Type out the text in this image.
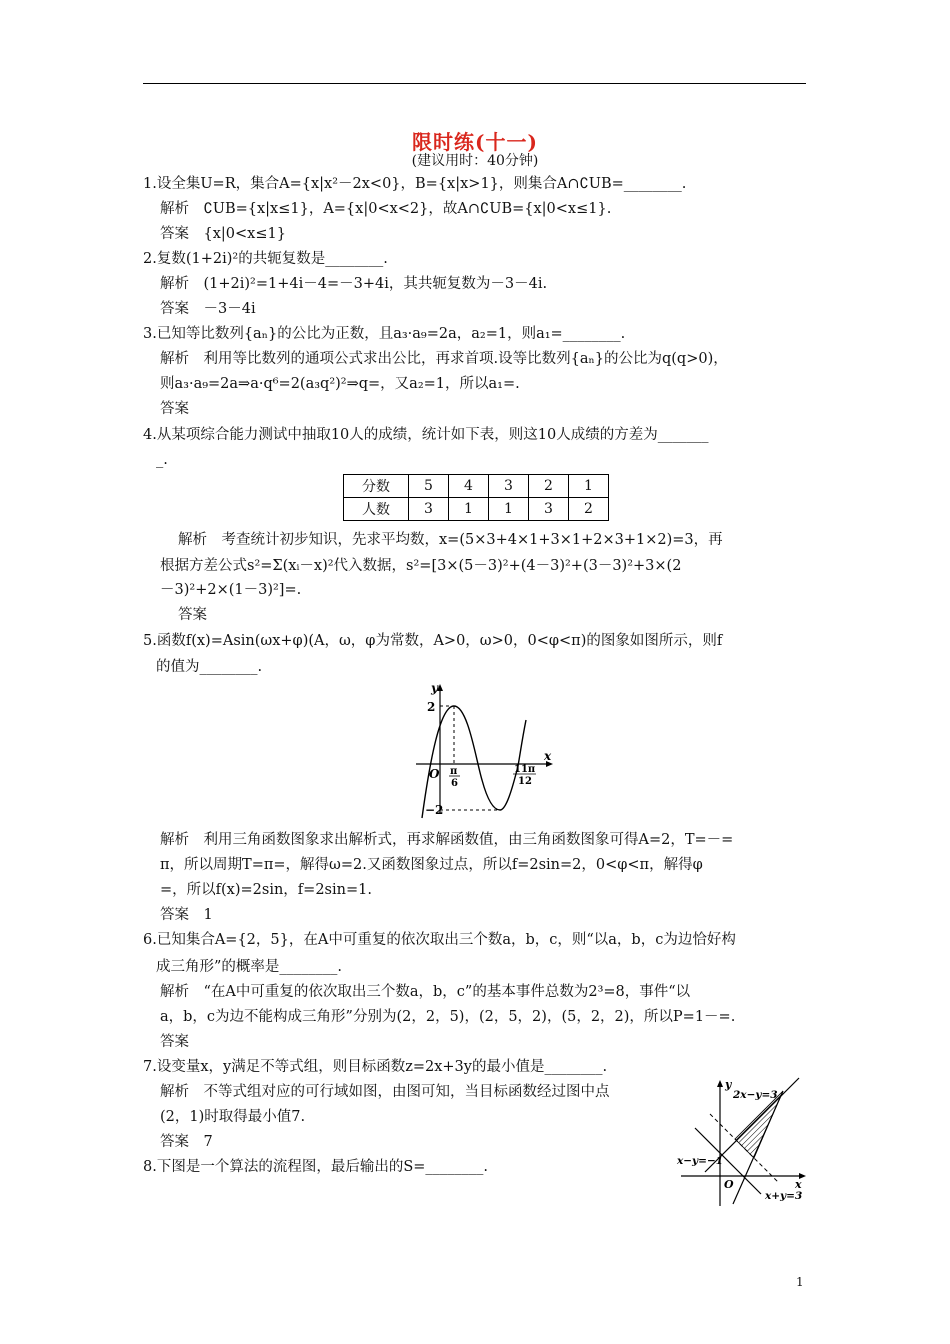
限时练(十一)
(建议用时：40分钟)
1.设全集U=R，集合A={x|x²－2x<0}，B={x|x>1}，则集合A∩∁UB=________.
解析　∁UB={x|x≤1}，A={x|0<x<2}，故A∩∁UB={x|0<x≤1}.
答案　{x|0<x≤1}
2.复数(1+2i)²的共轭复数是________.
解析　(1+2i)²=1+4i－4=－3+4i，其共轭复数为－3－4i.
答案　－3－4i
3.已知等比数列{aₙ}的公比为正数，且a₃·a₉=2a，a₂=1，则a₁=________.
解析　利用等比数列的通项公式求出公比，再求首项.设等比数列{aₙ}的公比为q(q>0)，
则a₃·a₉=2a⇒a·q⁶=2(a₃q²)²⇒q=，又a₂=1，所以a₁=.
答案
4.从某项综合能力测试中抽取10人的成绩，统计如下表，则这10人成绩的方差为_______
_.
分数	5	4	3	2	1
人数	3	1	1	3	2
解析　考查统计初步知识，先求平均数，x=(5×3+4×1+3×1+2×3+1×2)=3，再
根据方差公式s²=Σ(xᵢ－x)²代入数据，s²=[3×(5－3)²+(4－3)²+(3－3)²+3×(2
－3)²+2×(1－3)²]=.
答案
5.函数f(x)=Asin(ωx+φ)(A，ω，φ为常数，A>0，ω>0，0<φ<π)的图象如图所示，则f
的值为________.
y
x
O
2
−2
π
6
11π
12
解析　利用三角函数图象求出解析式，再求解函数值，由三角函数图象可得A=2，T=－=
π，所以周期T=π=，解得ω=2.又函数图象过点，所以f=2sin=2，0<φ<π，解得φ
=，所以f(x)=2sin，f=2sin=1.
答案　1
6.已知集合A={2，5}，在A中可重复的依次取出三个数a，b，c，则“以a，b，c为边恰好构
成三角形”的概率是________.
解析　“在A中可重复的依次取出三个数a，b，c”的基本事件总数为2³=8，事件“以
a，b，c为边不能构成三角形”分别为(2，2，5)，(2，5，2)，(5，2，2)，所以P=1－=.
答案
7.设变量x，y满足不等式组，则目标函数z=2x+3y的最小值是________.
解析　不等式组对应的可行域如图，由图可知，当目标函数经过图中点
(2，1)时取得最小值7.
答案　7
y
x
O
2x−y=3
x−y=−1
x+y=3
8.下图是一个算法的流程图，最后输出的S=________.
1
